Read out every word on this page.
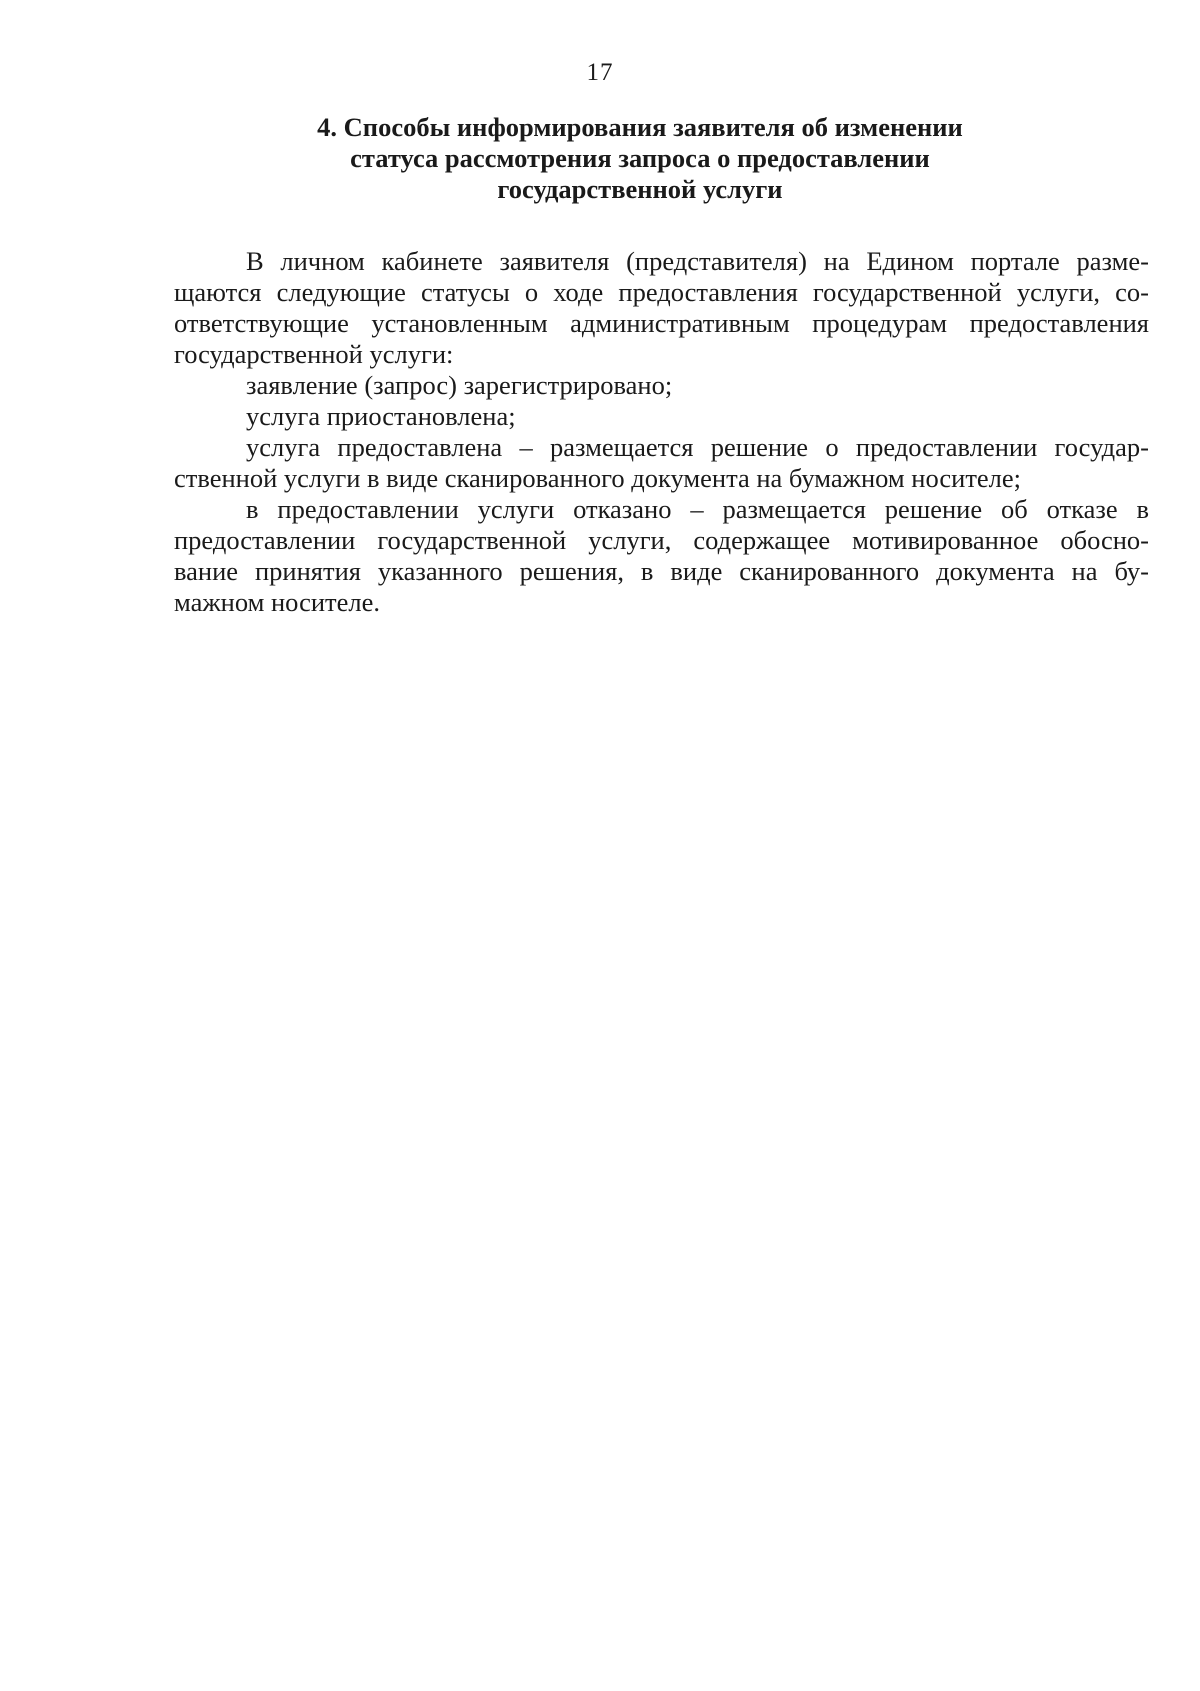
17
4. Способы информирования заявителя об изменении
статуса рассмотрения запроса о предоставлении
государственной услуги
В личном кабинете заявителя (представителя) на Едином портале разме-
щаются следующие статусы о ходе предоставления государственной услуги, со-
ответствующие установленным административным процедурам предоставления
государственной услуги:
заявление (запрос) зарегистрировано;
услуга приостановлена;
услуга предоставлена – размещается решение о предоставлении государ-
ственной услуги в виде сканированного документа на бумажном носителе;
в предоставлении услуги отказано – размещается решение об отказе в
предоставлении государственной услуги, содержащее мотивированное обосно-
вание принятия указанного решения, в виде сканированного документа на бу-
мажном носителе.
